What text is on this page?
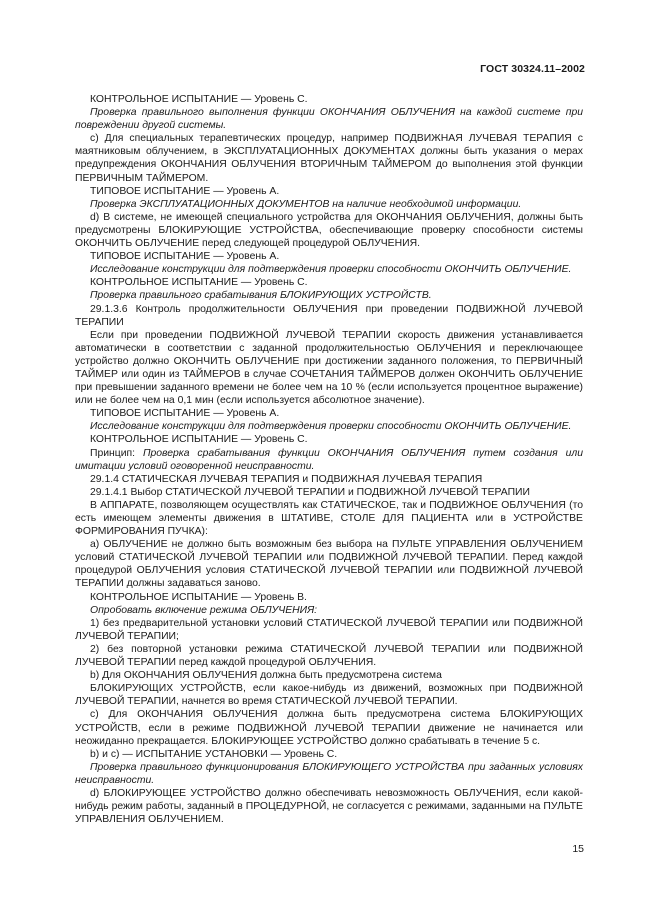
ГОСТ 30324.11–2002

КОНТРОЛЬНОЕ ИСПЫТАНИЕ — Уровень С.

Проверка правильного выполнения функции ОКОНЧАНИЯ ОБЛУЧЕНИЯ на каждой системе при повреждении другой системы.

с) Для специальных терапевтических процедур, например ПОДВИЖНАЯ ЛУЧЕВАЯ ТЕРАПИЯ с маятниковым облучением, в ЭКСПЛУАТАЦИОННЫХ ДОКУМЕНТАХ должны быть указания о мерах предупреждения ОКОНЧАНИЯ ОБЛУЧЕНИЯ ВТОРИЧНЫМ ТАЙМЕРОМ до выполнения этой функции ПЕРВИЧНЫМ ТАЙМЕРОМ.

ТИПОВОЕ ИСПЫТАНИЕ — Уровень А.

Проверка ЭКСПЛУАТАЦИОННЫХ ДОКУМЕНТОВ на наличие необходимой информации.

d) В системе, не имеющей специального устройства для ОКОНЧАНИЯ ОБЛУЧЕНИЯ, должны быть предусмотрены БЛОКИРУЮЩИЕ УСТРОЙСТВА, обеспечивающие проверку способности системы ОКОНЧИТЬ ОБЛУЧЕНИЕ перед следующей процедурой ОБЛУЧЕНИЯ.

ТИПОВОЕ ИСПЫТАНИЕ — Уровень А.

Исследование конструкции для подтверждения проверки способности ОКОНЧИТЬ ОБЛУЧЕНИЕ.

КОНТРОЛЬНОЕ ИСПЫТАНИЕ — Уровень С.

Проверка правильного срабатывания БЛОКИРУЮЩИХ УСТРОЙСТВ.

29.1.3.6 Контроль продолжительности ОБЛУЧЕНИЯ при проведении ПОДВИЖНОЙ ЛУЧЕВОЙ ТЕРАПИИ

Если при проведении ПОДВИЖНОЙ ЛУЧЕВОЙ ТЕРАПИИ скорость движения устанавливается автоматически в соответствии с заданной продолжительностью ОБЛУЧЕНИЯ и переключающее устройство должно ОКОНЧИТЬ ОБЛУЧЕНИЕ при достижении заданного положения, то ПЕРВИЧНЫЙ ТАЙМЕР или один из ТАЙМЕРОВ в случае СОЧЕТАНИЯ ТАЙМЕРОВ должен ОКОНЧИТЬ ОБЛУЧЕНИЕ при превышении заданного времени не более чем на 10 % (если используется процентное выражение) или не более чем на 0,1 мин (если используется абсолютное значение).

ТИПОВОЕ ИСПЫТАНИЕ — Уровень А.

Исследование конструкции для подтверждения проверки способности ОКОНЧИТЬ ОБЛУЧЕНИЕ.

КОНТРОЛЬНОЕ ИСПЫТАНИЕ — Уровень С.

Принцип: Проверка срабатывания функции ОКОНЧАНИЯ ОБЛУЧЕНИЯ путем создания или имитации условий оговоренной неисправности.

29.1.4 СТАТИЧЕСКАЯ ЛУЧЕВАЯ ТЕРАПИЯ и ПОДВИЖНАЯ ЛУЧЕВАЯ ТЕРАПИЯ

29.1.4.1 Выбор СТАТИЧЕСКОЙ ЛУЧЕВОЙ ТЕРАПИИ и ПОДВИЖНОЙ ЛУЧЕВОЙ ТЕРАПИИ

В АППАРАТЕ, позволяющем осуществлять как СТАТИЧЕСКОЕ, так и ПОДВИЖНОЕ ОБЛУЧЕНИЯ (то есть имеющем элементы движения в ШТАТИВЕ, СТОЛЕ ДЛЯ ПАЦИЕНТА или в УСТРОЙСТВЕ ФОРМИРОВАНИЯ ПУЧКА):

а) ОБЛУЧЕНИЕ не должно быть возможным без выбора на ПУЛЬТЕ УПРАВЛЕНИЯ ОБЛУЧЕНИЕМ условий СТАТИЧЕСКОЙ ЛУЧЕВОЙ ТЕРАПИИ или ПОДВИЖНОЙ ЛУЧЕВОЙ ТЕРАПИИ. Перед каждой процедурой ОБЛУЧЕНИЯ условия СТАТИЧЕСКОЙ ЛУЧЕВОЙ ТЕРАПИИ или ПОДВИЖНОЙ ЛУЧЕВОЙ ТЕРАПИИ должны задаваться заново.

КОНТРОЛЬНОЕ ИСПЫТАНИЕ — Уровень В.

Опробовать включение режима ОБЛУЧЕНИЯ:

1) без предварительной установки условий СТАТИЧЕСКОЙ ЛУЧЕВОЙ ТЕРАПИИ или ПОДВИЖНОЙ ЛУЧЕВОЙ ТЕРАПИИ;

2) без повторной установки режима СТАТИЧЕСКОЙ ЛУЧЕВОЙ ТЕРАПИИ или ПОДВИЖНОЙ ЛУЧЕВОЙ ТЕРАПИИ перед каждой процедурой ОБЛУЧЕНИЯ.

b) Для ОКОНЧАНИЯ ОБЛУЧЕНИЯ должна быть предусмотрена система

БЛОКИРУЮЩИХ УСТРОЙСТВ, если какое-нибудь из движений, возможных при ПОДВИЖНОЙ ЛУЧЕВОЙ ТЕРАПИИ, начнется во время СТАТИЧЕСКОЙ ЛУЧЕВОЙ ТЕРАПИИ.

с) Для ОКОНЧАНИЯ ОБЛУЧЕНИЯ должна быть предусмотрена система БЛОКИРУЮЩИХ УСТРОЙСТВ, если в режиме ПОДВИЖНОЙ ЛУЧЕВОЙ ТЕРАПИИ движение не начинается или неожиданно прекращается. БЛОКИРУЮЩЕЕ УСТРОЙСТВО должно срабатывать в течение 5 с.

b) и с) — ИСПЫТАНИЕ УСТАНОВКИ — Уровень С.

Проверка правильного функционирования БЛОКИРУЮЩЕГО УСТРОЙСТВА при заданных условиях неисправности.

d) БЛОКИРУЮЩЕЕ УСТРОЙСТВО должно обеспечивать невозможность ОБЛУЧЕНИЯ, если какой-нибудь режим работы, заданный в ПРОЦЕДУРНОЙ, не согласуется с режимами, заданными на ПУЛЬТЕ УПРАВЛЕНИЯ ОБЛУЧЕНИЕМ.

15
